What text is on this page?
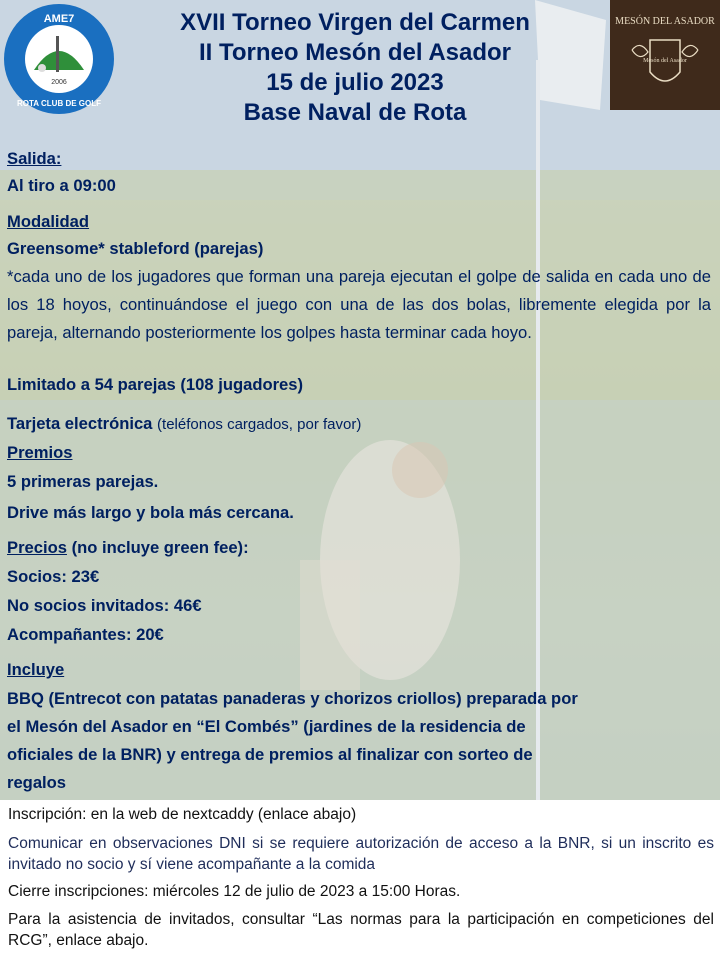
AME7
2006
ROTA CLUB DE GOLF
MESÓN DEL ASADOR
Mesón del Asador
XVII Torneo Virgen del Carmen
II Torneo Mesón del Asador
15 de julio 2023
Base Naval de Rota
Salida:
Al tiro a 09:00
Modalidad
Greensome* stableford (parejas)
*cada uno de los jugadores que forman una pareja ejecutan el golpe de salida en cada uno de los 18 hoyos, continuándose el juego con una de las dos bolas, libremente elegida por la pareja, alternando posteriormente los golpes hasta terminar cada hoyo.
Limitado a 54 parejas (108 jugadores)
Tarjeta electrónica (teléfonos cargados, por favor)
Premios
5 primeras parejas.
Drive más largo y bola más cercana.
Precios (no incluye green fee):
Socios: 23€
No socios invitados: 46€
Acompañantes: 20€
Incluye
BBQ (Entrecot con patatas panaderas y chorizos criollos) preparada por
el Mesón del Asador en “El Combés” (jardines de la residencia de
oficiales de la BNR) y entrega de premios al finalizar con sorteo de
regalos
Inscripción: en la web de nextcaddy (enlace abajo)
Comunicar en observaciones DNI si se requiere autorización de acceso a la BNR, si un inscrito es invitado no socio y sí viene acompañante a la comida
Cierre inscripciones: miércoles 12 de julio de 2023 a 15:00 Horas.
Para la asistencia de invitados, consultar “Las normas para la participación en competiciones del RCG”, enlace abajo.
